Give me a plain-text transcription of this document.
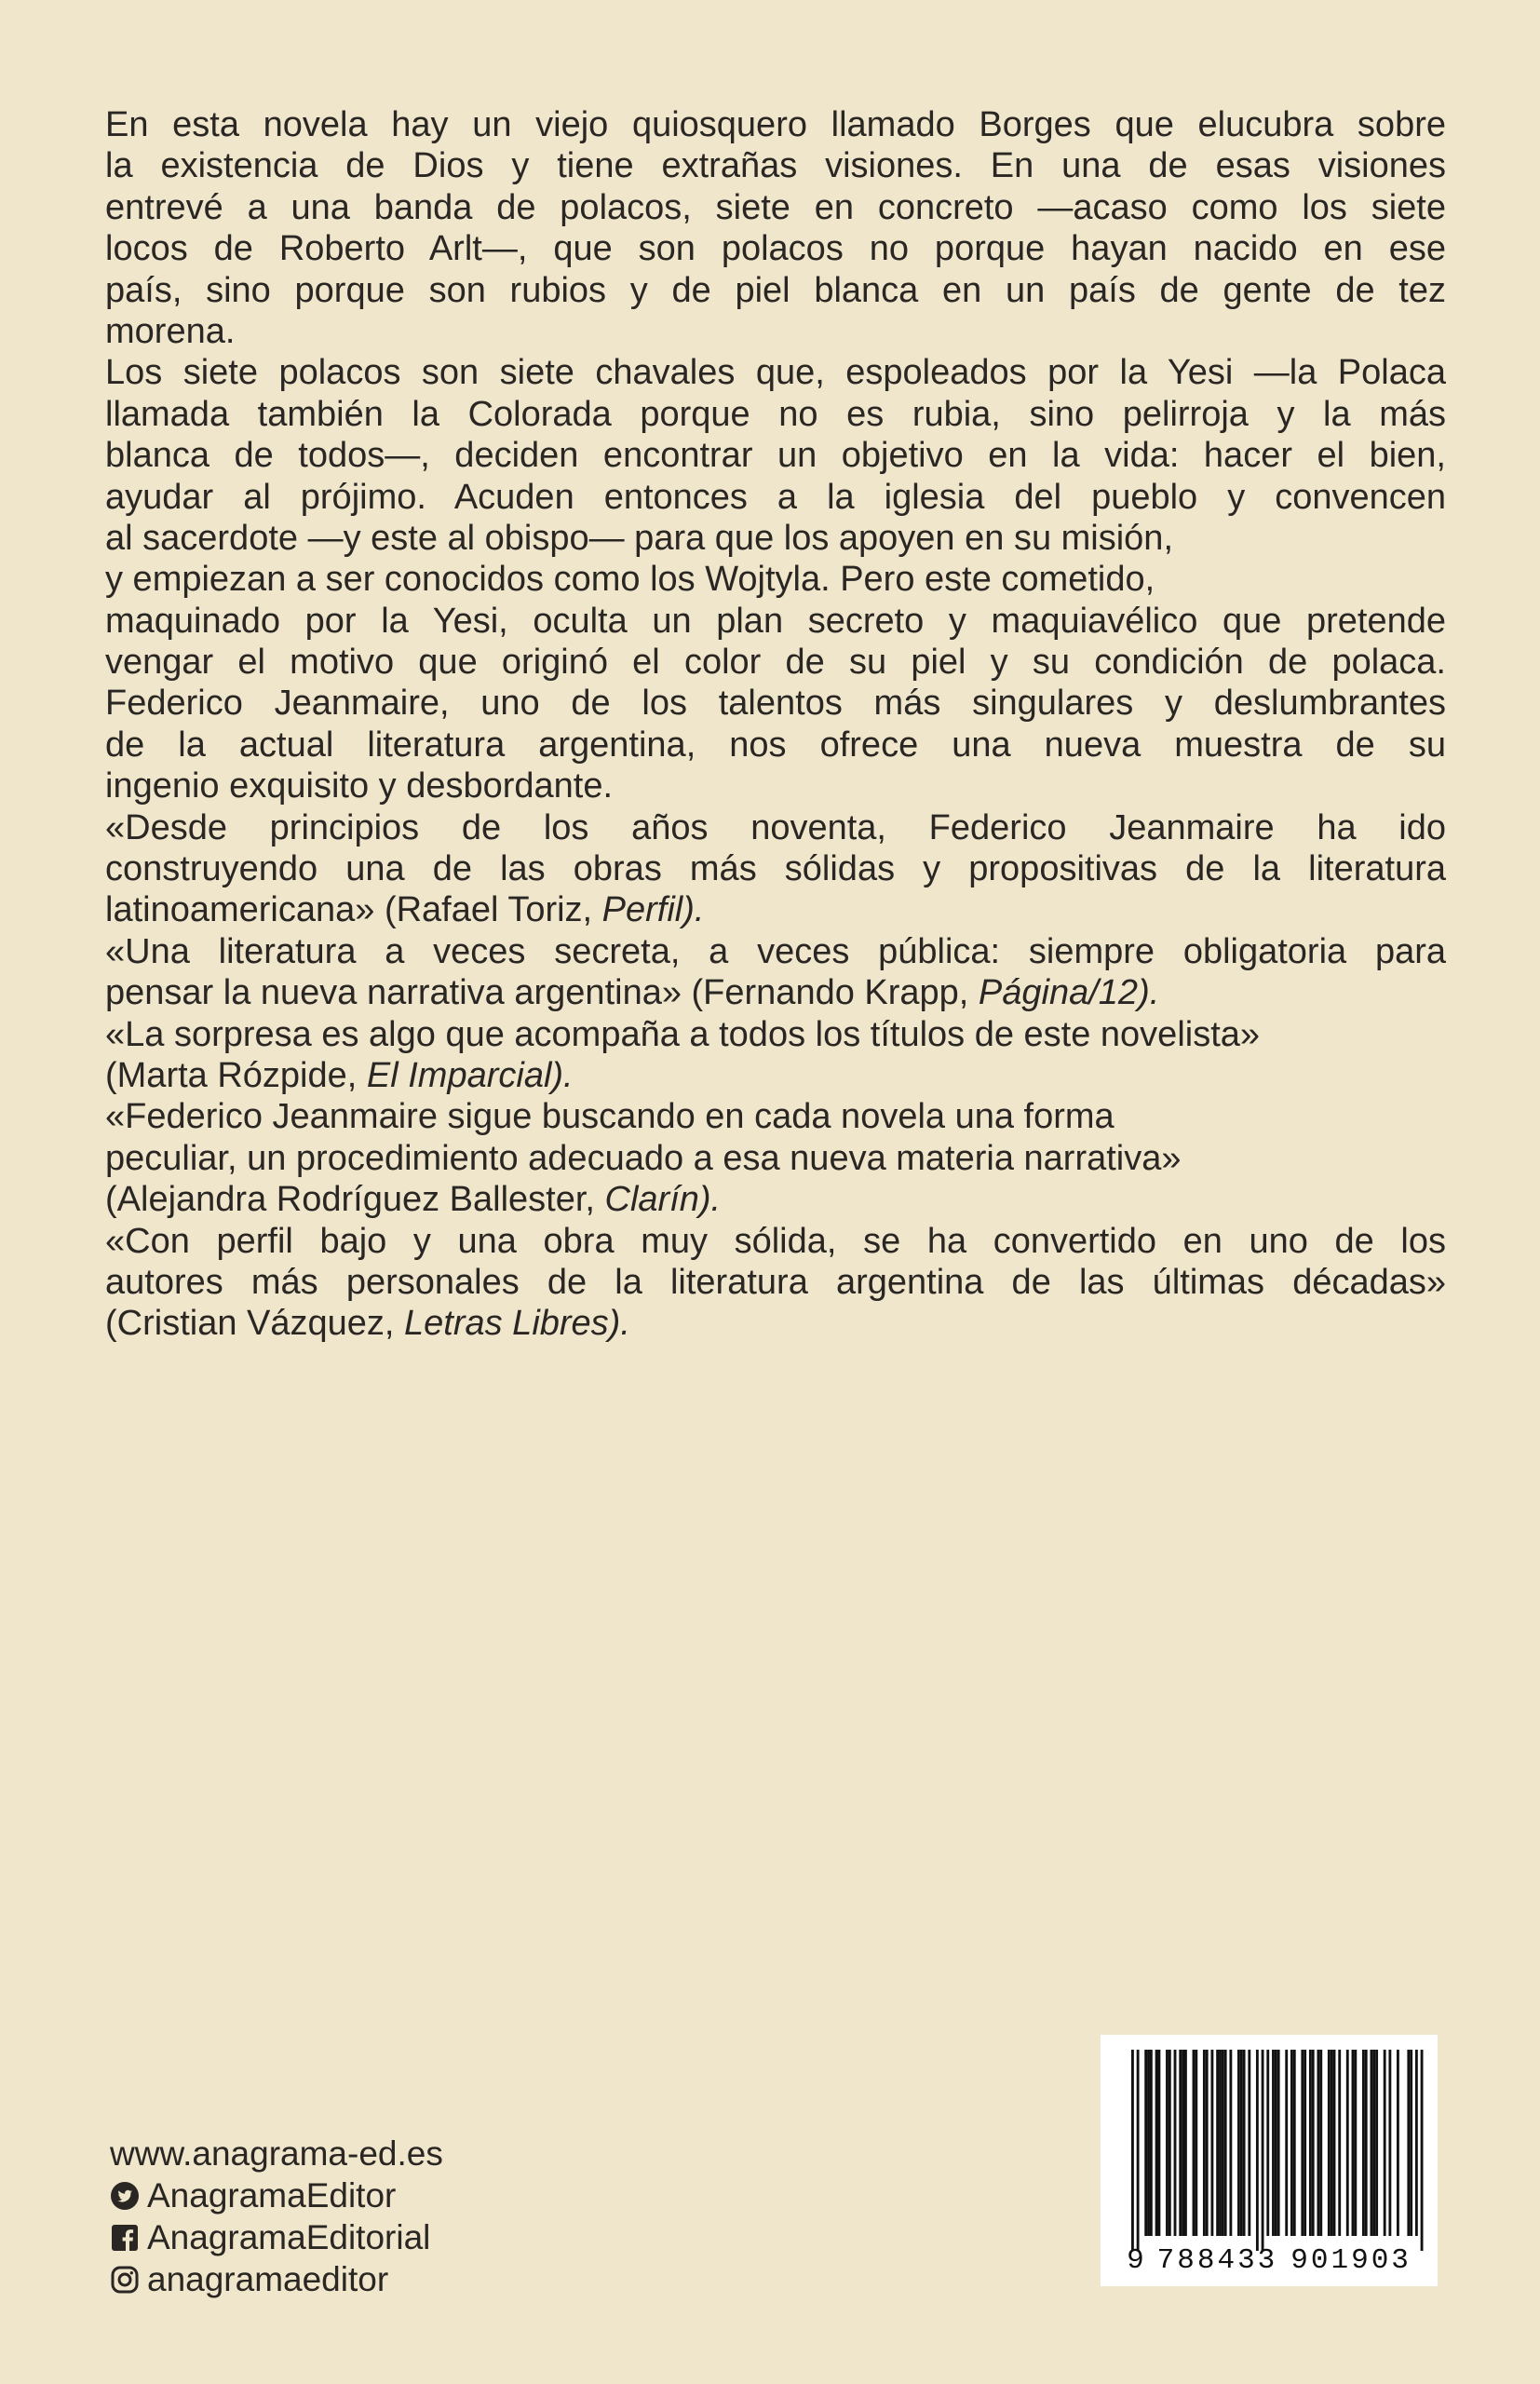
En esta novela hay un viejo quiosquero llamado Borges que elucubra sobre
la existencia de Dios y tiene extrañas visiones. En una de esas visiones
entrevé a una banda de polacos, siete en concreto —acaso como los siete
locos de Roberto Arlt—, que son polacos no porque hayan nacido en ese
país, sino porque son rubios y de piel blanca en un país de gente de tez
morena.
Los siete polacos son siete chavales que, espoleados por la Yesi —la Polaca
llamada también la Colorada porque no es rubia, sino pelirroja y la más
blanca de todos—, deciden encontrar un objetivo en la vida: hacer el bien,
ayudar al prójimo. Acuden entonces a la iglesia del pueblo y convencen
al sacerdote —y este al obispo— para que los apoyen en su misión,
y empiezan a ser conocidos como los Wojtyla. Pero este cometido,
maquinado por la Yesi, oculta un plan secreto y maquiavélico que pretende
vengar el motivo que originó el color de su piel y su condición de polaca.
Federico Jeanmaire, uno de los talentos más singulares y deslumbrantes
de la actual literatura argentina, nos ofrece una nueva muestra de su
ingenio exquisito y desbordante.
«Desde principios de los años noventa, Federico Jeanmaire ha ido
construyendo una de las obras más sólidas y propositivas de la literatura
latinoamericana» (Rafael Toriz, Perfil).
«Una literatura a veces secreta, a veces pública: siempre obligatoria para
pensar la nueva narrativa argentina» (Fernando Krapp, Página/12).
«La sorpresa es algo que acompaña a todos los títulos de este novelista»
(Marta Rózpide, El Imparcial).
«Federico Jeanmaire sigue buscando en cada novela una forma
peculiar, un procedimiento adecuado a esa nueva materia narrativa»
(Alejandra Rodríguez Ballester, Clarín).
«Con perfil bajo y una obra muy sólida, se ha convertido en uno de los
autores más personales de la literatura argentina de las últimas décadas»
(Cristian Vázquez, Letras Libres).
www.anagrama-ed.es
AnagramaEditor
AnagramaEditorial
anagramaeditor	9 788433 901903
